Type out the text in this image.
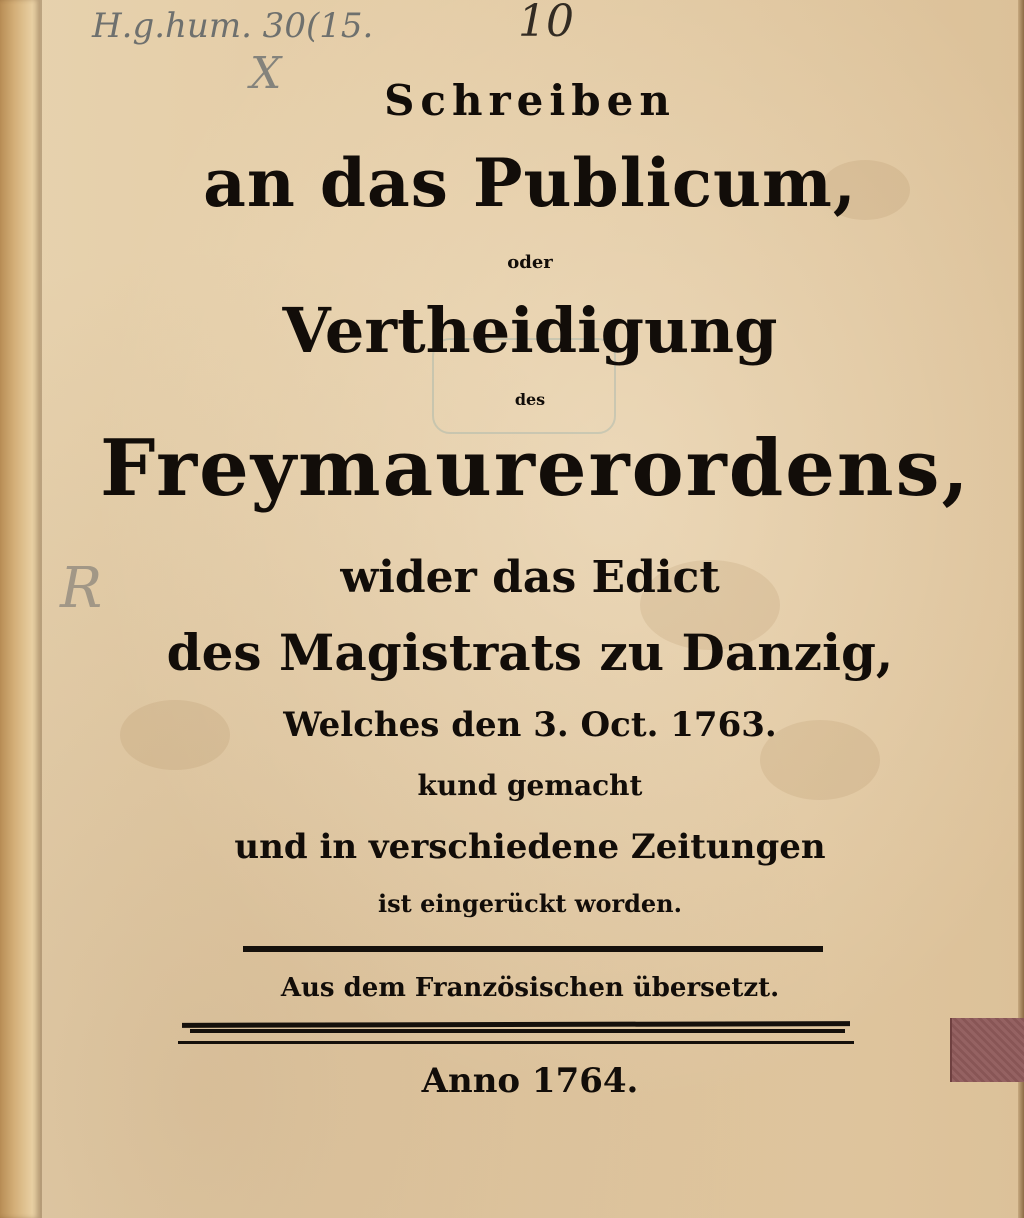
H.g.hum. 30(15.	10
X
R
Schreiben
an das Publicum,
oder
Vertheidigung
des
Freymaurerordens,
wider das Edict
des Magistrats zu Danzig,
Welches den 3. Oct. 1763.
kund gemacht
und in verschiedene Zeitungen
ist eingerückt worden.
Aus dem Französischen übersetzt.
Anno 1764.
